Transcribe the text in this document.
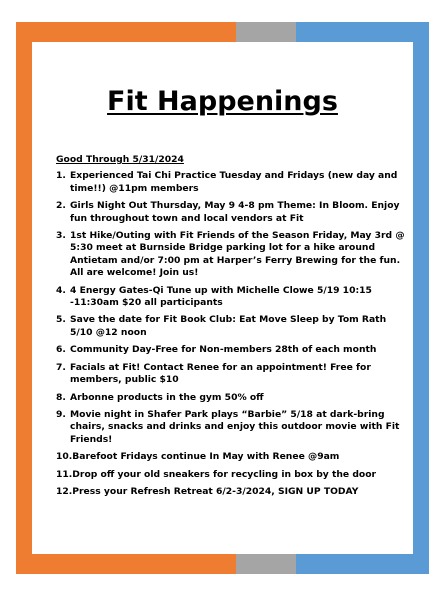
Fit Happenings

Good Through 5/31/2024

1. Experienced Tai Chi Practice Tuesday and Fridays (new day and time!!) @11pm members
2. Girls Night Out Thursday, May 9 4-8 pm Theme: In Bloom. Enjoy fun throughout town and local vendors at Fit
3. 1st Hike/Outing with Fit Friends of the Season Friday, May 3rd @ 5:30 meet at Burnside Bridge parking lot for a hike around Antietam and/or 7:00 pm at Harper’s Ferry Brewing for the fun. All are welcome! Join us!
4. 4 Energy Gates-Qi Tune up with Michelle Clowe 5/19 10:15 -11:30am $20 all participants
5. Save the date for Fit Book Club: Eat Move Sleep by Tom Rath 5/10 @12 noon
6. Community Day-Free for Non-members 28th of each month
7. Facials at Fit! Contact Renee for an appointment! Free for members, public $10
8. Arbonne products in the gym 50% off
9. Movie night in Shafer Park plays “Barbie” 5/18 at dark-bring chairs, snacks and drinks and enjoy this outdoor movie with Fit Friends!
10. Barefoot Fridays continue In May with Renee @9am
11. Drop off your old sneakers for recycling in box by the door
12. Press your Refresh Retreat 6/2-3/2024, SIGN UP TODAY
